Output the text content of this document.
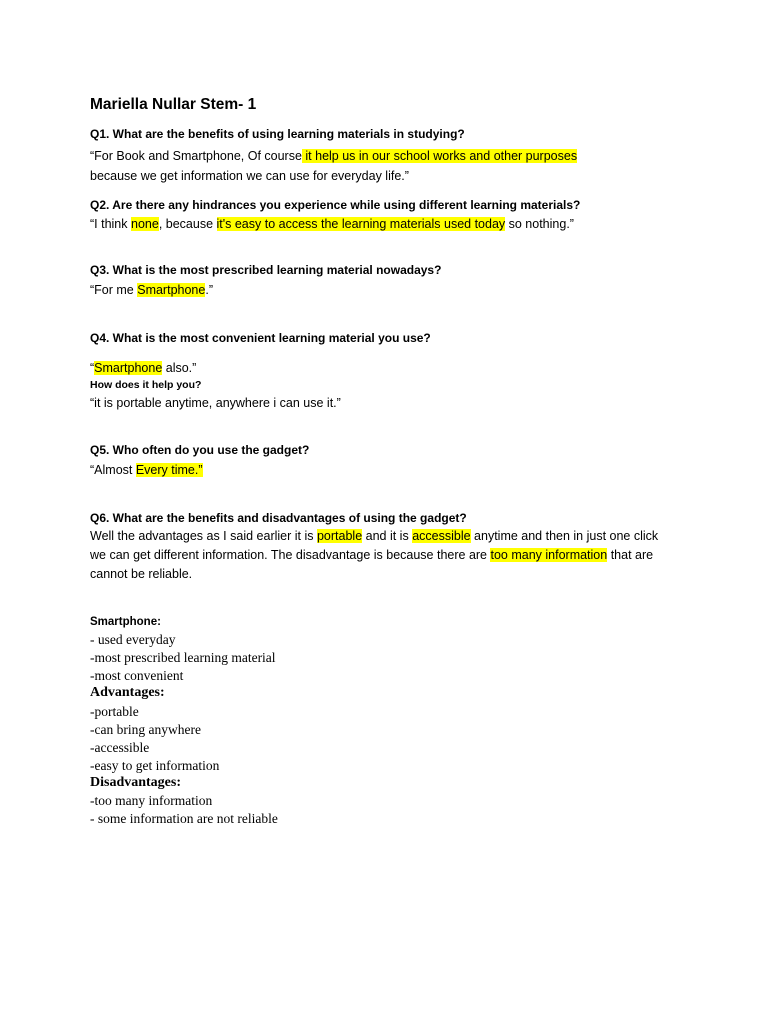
Mariella Nullar Stem- 1
Q1. What are the benefits of using learning materials in studying?
“For Book and Smartphone, Of course it help us in our school works and other purposes
because we get information we can use for everyday life.”
Q2. Are there any hindrances you experience while using different learning materials?
“I think none, because it's easy to access the learning materials used today so nothing.”
Q3. What is the most prescribed learning material nowadays?
“For me Smartphone.”
Q4. What is the most convenient learning material you use?
“Smartphone also.”
How does it help you?
“it is portable anytime, anywhere i can use it.”
Q5. Who often do you use the gadget?
“Almost Every time.”
Q6. What are the benefits and disadvantages of using the gadget?
Well the advantages as I said earlier it is portable and it is accessible anytime and then in just one click
we can get different information. The disadvantage is because there are too many information that are
cannot be reliable.
Smartphone:
- used everyday
-most prescribed learning material
-most convenient
Advantages:
-portable
-can bring anywhere
-accessible
-easy to get information
Disadvantages:
-too many information
- some information are not reliable
